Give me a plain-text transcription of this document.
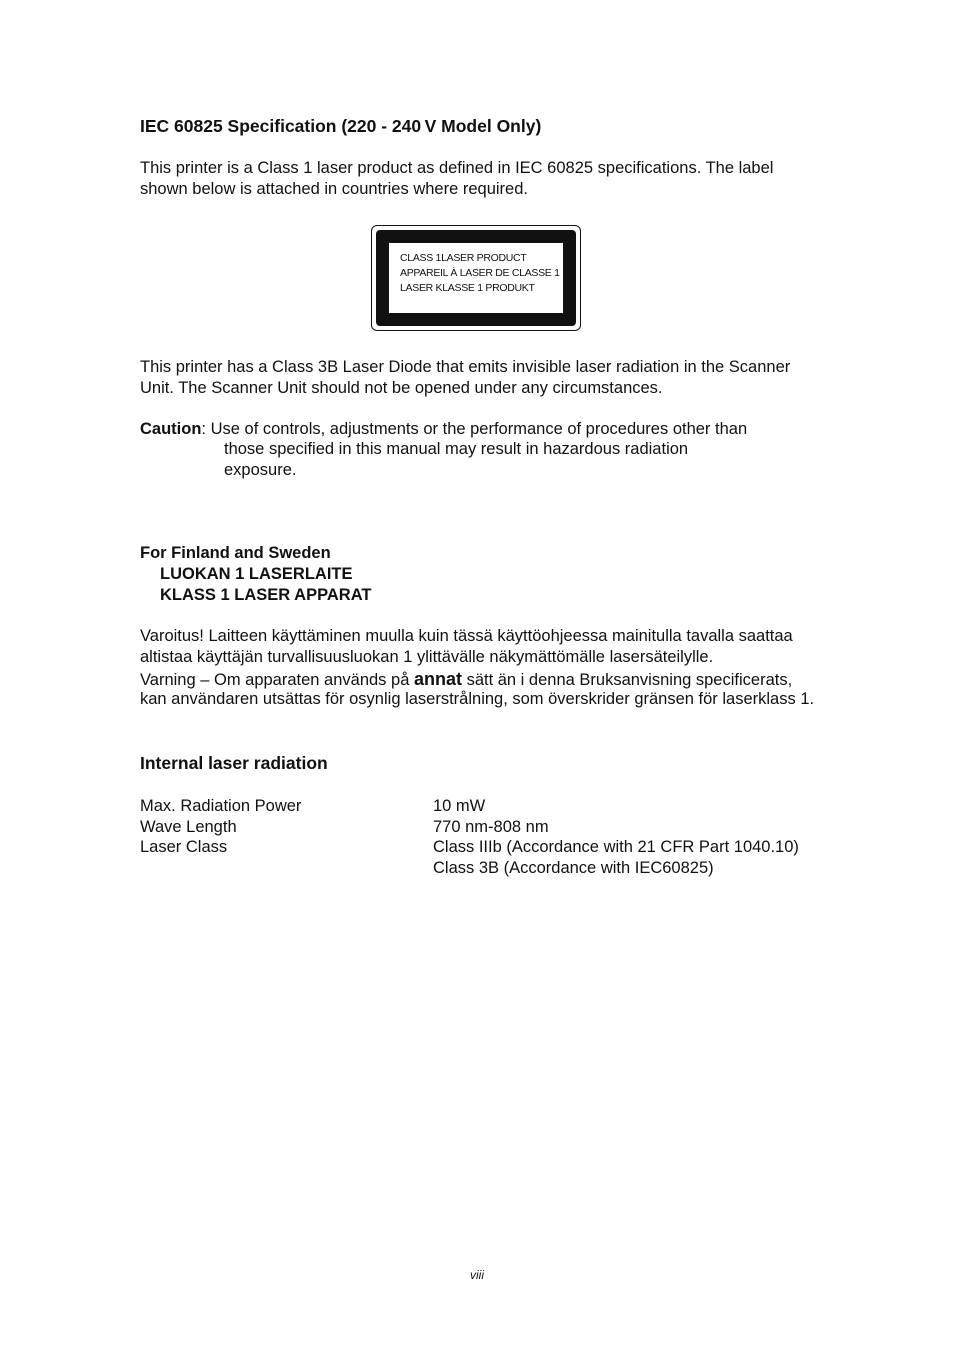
IEC 60825 Specification (220 - 240 V Model Only)
This printer is a Class 1 laser product as defined in IEC 60825 specifications. The label
shown below is attached in countries where required.
CLASS 1LASER PRODUCT
APPAREIL À LASER DE CLASSE 1
LASER KLASSE 1 PRODUKT
This printer has a Class 3B Laser Diode that emits invisible laser radiation in the Scanner
Unit. The Scanner Unit should not be opened under any circumstances.
Caution: Use of controls, adjustments or the performance of procedures other than
those specified in this manual may result in hazardous radiation
exposure.
For Finland and Sweden
LUOKAN 1 LASERLAITE
KLASS 1 LASER APPARAT
Varoitus! Laitteen käyttäminen muulla kuin tässä käyttöohjeessa mainitulla tavalla saattaa
altistaa käyttäjän turvallisuusluokan 1 ylittävälle näkymättömälle lasersäteilylle.
Varning – Om apparaten används på annat sätt än i denna Bruksanvisning specificerats,
kan användaren utsättas för osynlig laserstrålning, som överskrider gränsen för laserklass 1.
Internal laser radiation
Max. Radiation Power	10 mW
Wave Length	770 nm-808 nm
Laser Class	Class IIIb (Accordance with 21 CFR Part 1040.10)
Class 3B (Accordance with IEC60825)
viii
